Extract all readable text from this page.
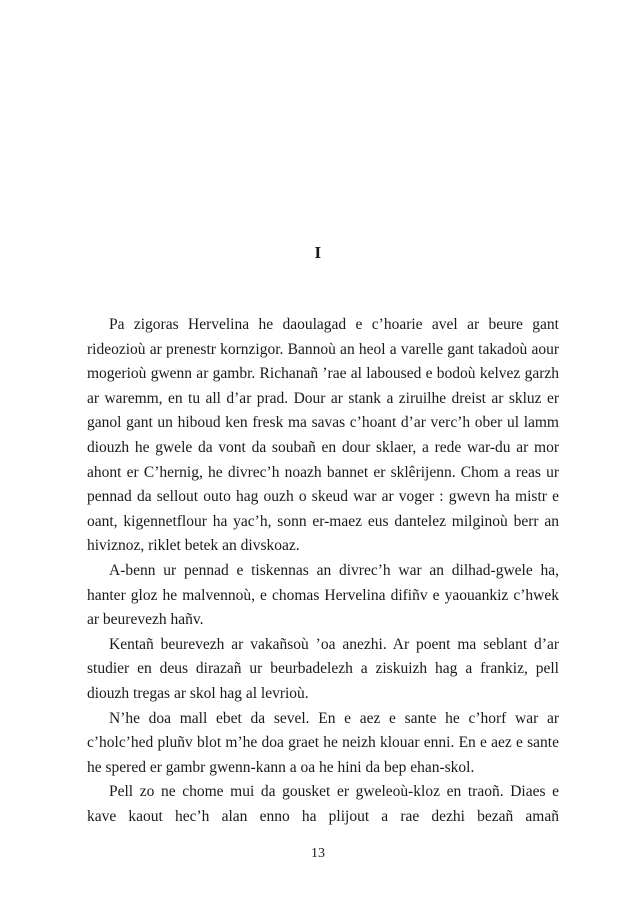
I

Pa zigoras Hervelina he daoulagad e c’hoarie avel ar beure gant rideozioù ar prenestr kornzigor. Bannoù an heol a varelle gant takadoù aour mogerioù gwenn ar gambr. Richanañ ’rae al laboused e bodoù kelvez garzh ar waremm, en tu all d’ar prad. Dour ar stank a ziruilhe dreist ar skluz er ganol gant un hiboud ken fresk ma savas c’hoant d’ar verc’h ober ul lamm diouzh he gwele da vont da soubañ en dour sklaer, a rede war-du ar mor ahont er C’hernig, he divrec’h noazh bannet er sklêrijenn. Chom a reas ur pennad da sellout outo hag ouzh o skeud war ar voger : gwevn ha mistr e oant, kigennetflour ha yac’h, sonn er-maez eus dantelez milginoù berr an hiviznoz, riklet betek an divskoaz.

A-benn ur pennad e tiskennas an divrec’h war an dilhad-gwele ha, hanter gloz he malvennoù, e chomas Hervelina difiñv e yaouankiz c’hwek ar beurevezh hañv.

Kentañ beurevezh ar vakañsoù ’oa anezhi. Ar poent ma seblant d’ar studier en deus dirazañ ur beurbadelezh a ziskuizh hag a frankiz, pell diouzh tregas ar skol hag al levrioù.

N’he doa mall ebet da sevel. En e aez e sante he c’horf war ar c’holc’hed pluñv blot m’he doa graet he neizh klouar enni. En e aez e sante he spered er gambr gwenn-kann a oa he hini da bep ehan-skol.

Pell zo ne chome mui da gousket er gweleoù-kloz en traoñ. Diaes e kave kaout hec’h alan enno ha plijout a rae dezhi bezañ amañ

13
